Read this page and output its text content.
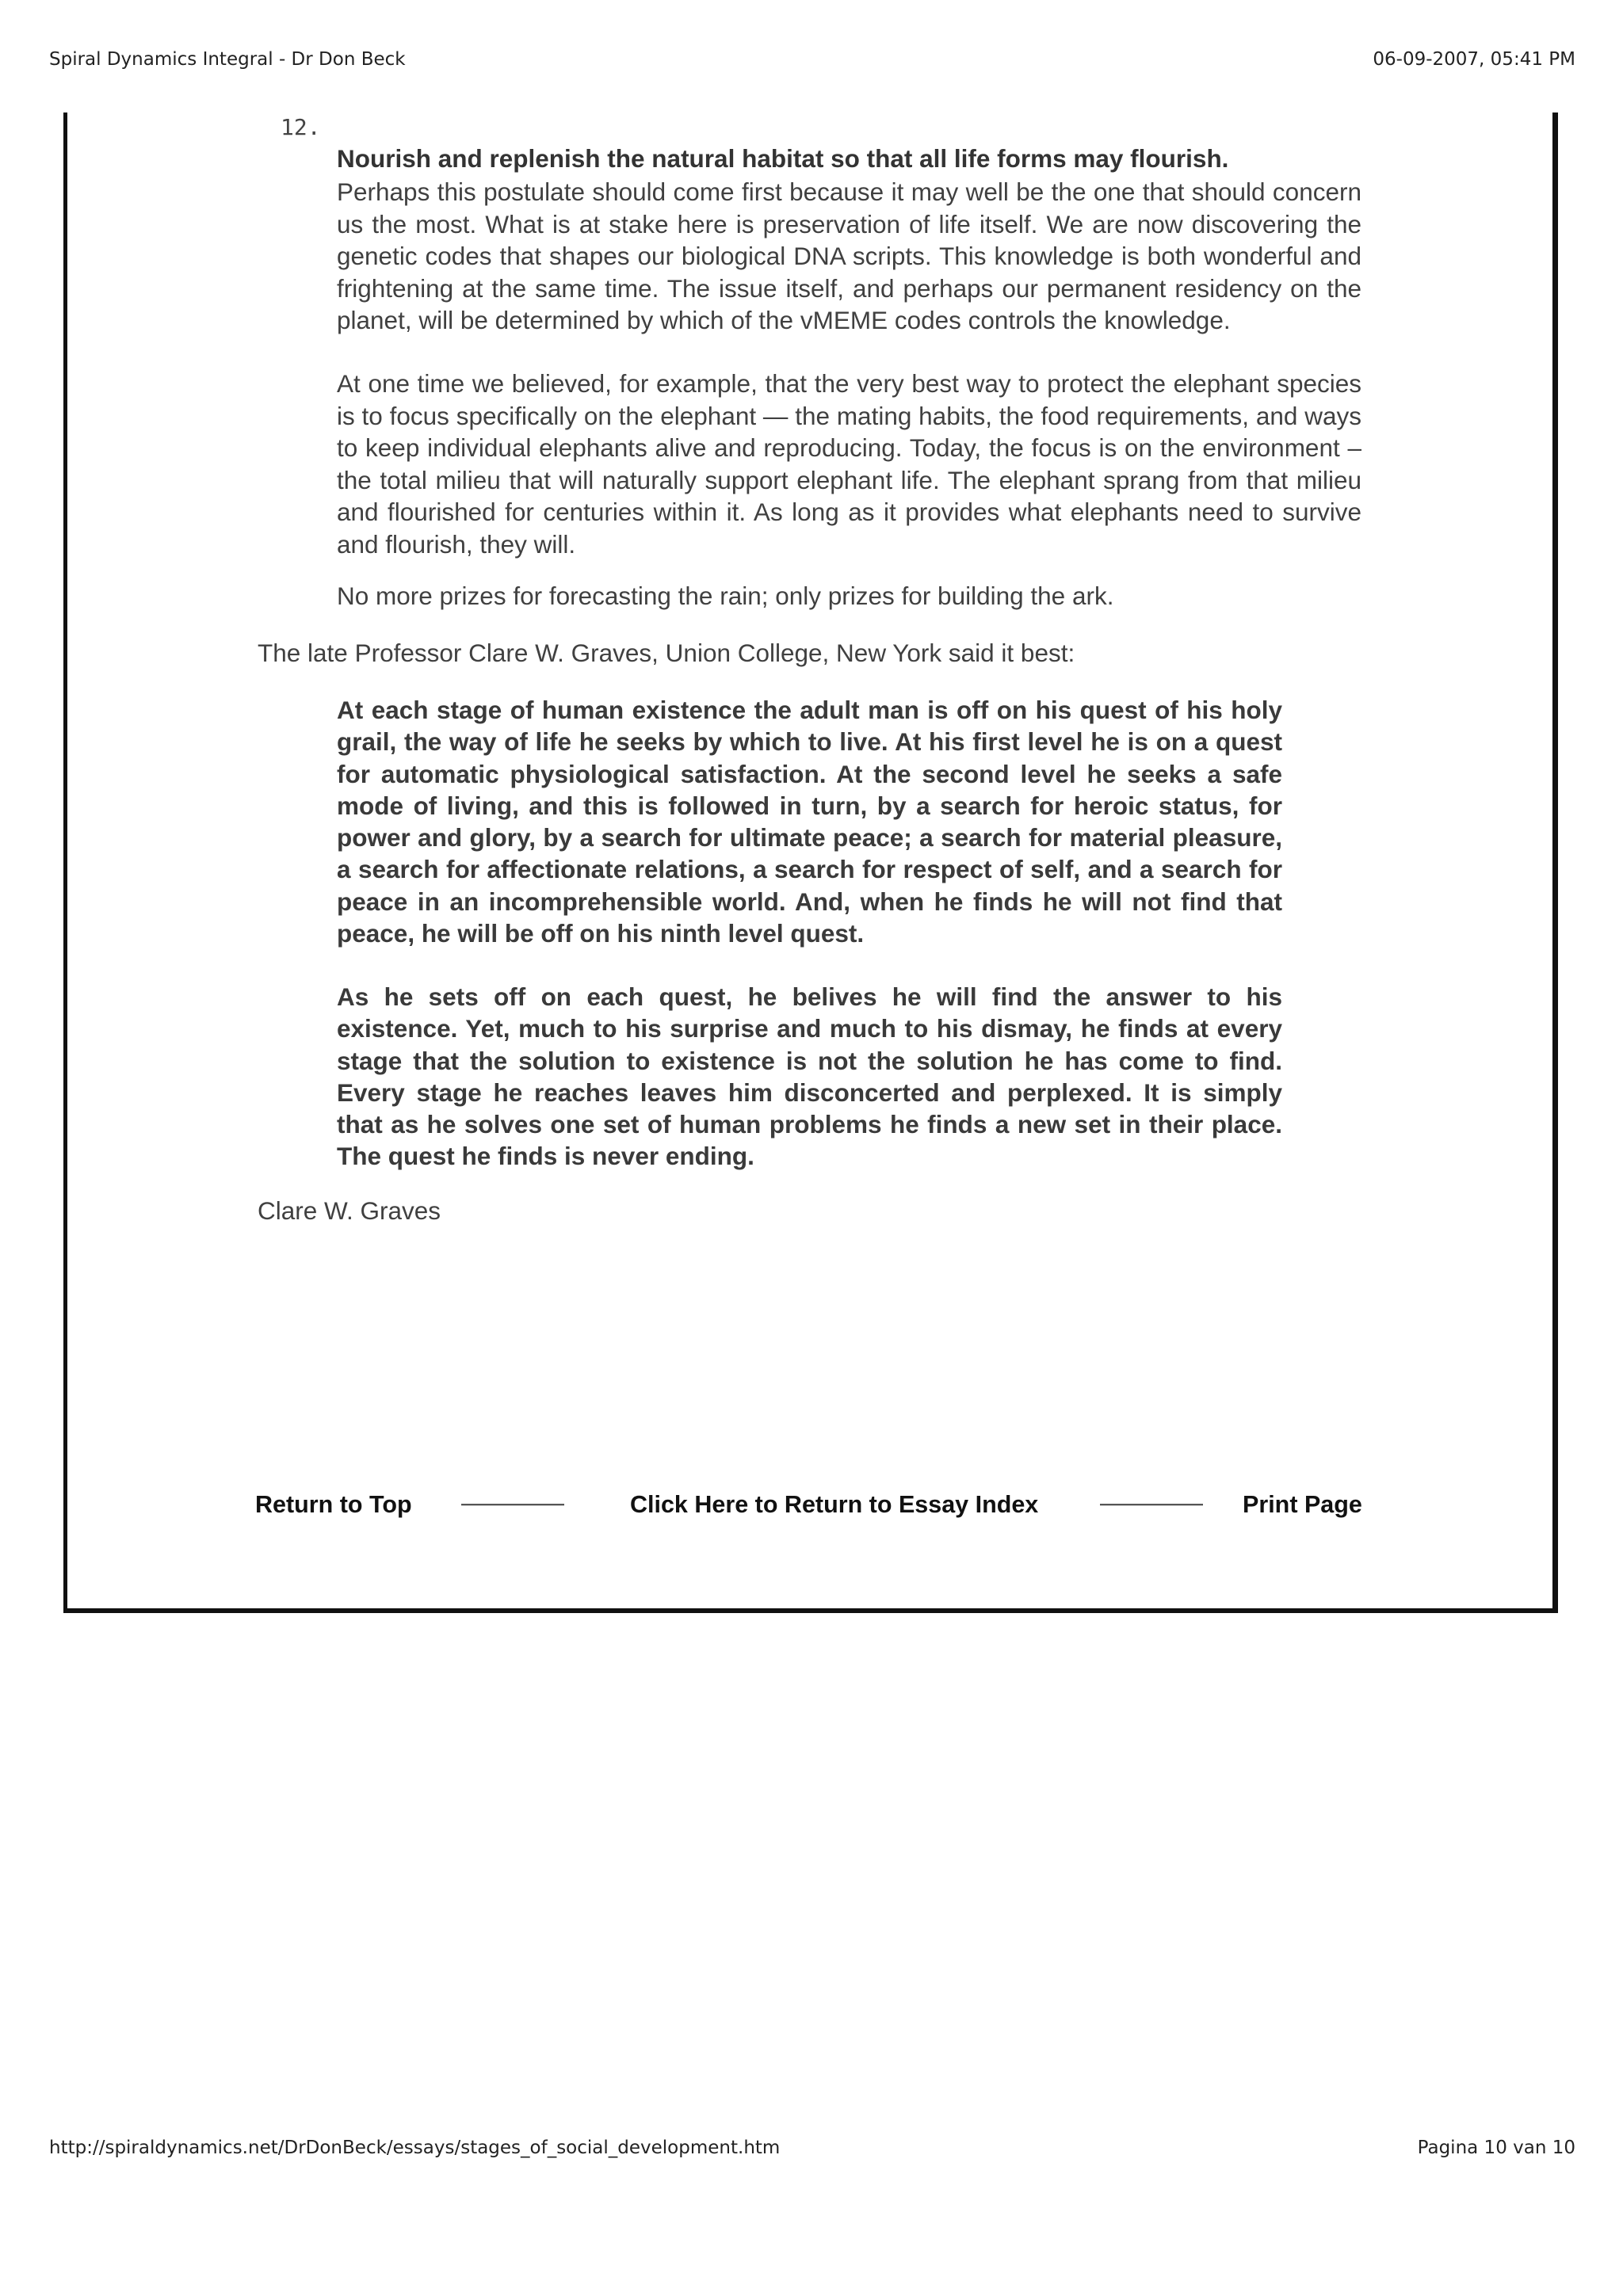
Spiral Dynamics Integral - Dr Don Beck	06-09-2007, 05:41 PM
12.
Nourish and replenish the natural habitat so that all life forms may flourish.
Perhaps this postulate should come first because it may well be the one that should concern us the most. What is at stake here is preservation of life itself. We are now discovering the genetic codes that shapes our biological DNA scripts. This knowledge is both wonderful and frightening at the same time. The issue itself, and perhaps our permanent residency on the planet, will be determined by which of the vMEME codes controls the knowledge.
At one time we believed, for example, that the very best way to protect the elephant species is to focus specifically on the elephant — the mating habits, the food requirements, and ways to keep individual elephants alive and reproducing. Today, the focus is on the environment – the total milieu that will naturally support elephant life. The elephant sprang from that milieu and flourished for centuries within it. As long as it provides what elephants need to survive and flourish, they will.
No more prizes for forecasting the rain; only prizes for building the ark.
The late Professor Clare W. Graves, Union College, New York said it best:
At each stage of human existence the adult man is off on his quest of his holy grail, the way of life he seeks by which to live. At his first level he is on a quest for automatic physiological satisfaction. At the second level he seeks a safe mode of living, and this is followed in turn, by a search for heroic status, for power and glory, by a search for ultimate peace; a search for material pleasure, a search for affectionate relations, a search for respect of self, and a search for peace in an incomprehensible world. And, when he finds he will not find that peace, he will be off on his ninth level quest.
As he sets off on each quest, he belives he will find the answer to his existence. Yet, much to his surprise and much to his dismay, he finds at every stage that the solution to existence is not the solution he has come to find. Every stage he reaches leaves him disconcerted and perplexed. It is simply that as he solves one set of human problems he finds a new set in their place. The quest he finds is never ending.
Clare W. Graves
Return to Top	Click Here to Return to Essay Index	Print Page
http://spiraldynamics.net/DrDonBeck/essays/stages_of_social_development.htm	Pagina 10 van 10
